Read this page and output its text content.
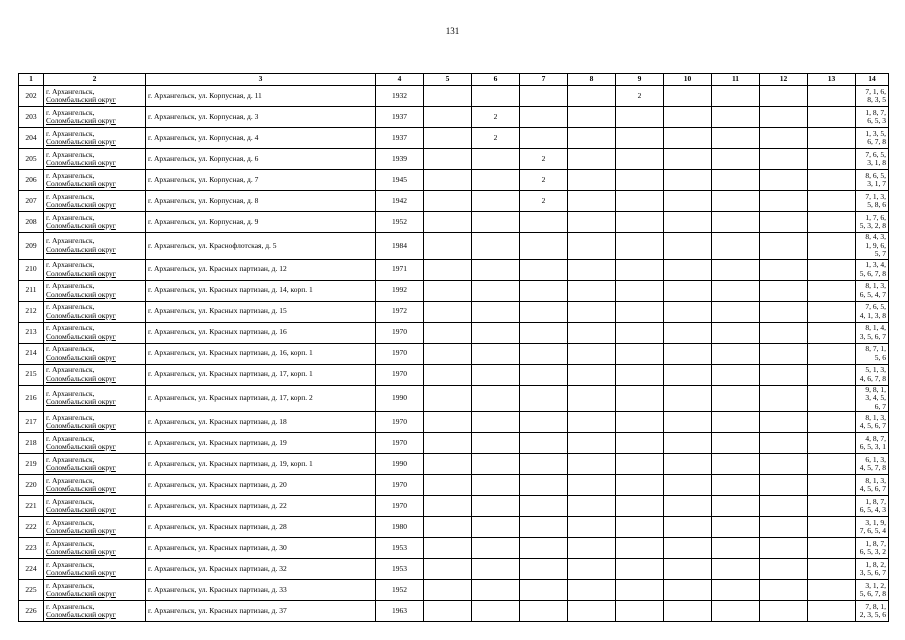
131
1	2	3	4	5	6	7	8	9	10	11	12	13	14
202	г. Архангельск,
Соломбальский округ	г. Архангельск, ул. Корпусная, д. 11	1932					2					7, 1, 6, 8, 3, 5
203	г. Архангельск,
Соломбальский округ	г. Архангельск, ул. Корпусная, д. 3	1937		2								1, 8, 7, 6, 5, 3
204	г. Архангельск,
Соломбальский округ	г. Архангельск, ул. Корпусная, д. 4	1937		2								1, 3, 5, 6, 7, 8
205	г. Архангельск,
Соломбальский округ	г. Архангельск, ул. Корпусная, д. 6	1939			2							7, 6, 5, 3, 1, 8
206	г. Архангельск,
Соломбальский округ	г. Архангельск, ул. Корпусная, д. 7	1945			2							8, 6, 5, 3, 1, 7
207	г. Архангельск,
Соломбальский округ	г. Архангельск, ул. Корпусная, д. 8	1942			2							7, 1, 3, 5, 8, 6
208	г. Архангельск,
Соломбальский округ	г. Архангельск, ул. Корпусная, д. 9	1952										1, 7, 6, 5, 3, 2, 8
209	г. Архангельск,
Соломбальский округ	г. Архангельск, ул. Краснофлотская, д. 5	1984										8, 4, 3, 1, 9, 6, 5, 7
210	г. Архангельск,
Соломбальский округ	г. Архангельск, ул. Красных партизан, д. 12	1971										1, 3, 4, 5, 6, 7, 8
211	г. Архангельск,
Соломбальский округ	г. Архангельск, ул. Красных партизан, д. 14, корп. 1	1992										8, 1, 3, 6, 5, 4, 7
212	г. Архангельск,
Соломбальский округ	г. Архангельск, ул. Красных партизан, д. 15	1972										7, 6, 5, 4, 1, 3, 8
213	г. Архангельск,
Соломбальский округ	г. Архангельск, ул. Красных партизан, д. 16	1970										8, 1, 4, 3, 5, 6, 7
214	г. Архангельск,
Соломбальский округ	г. Архангельск, ул. Красных партизан, д. 16, корп. 1	1970										8, 7, 1, 5, 6
215	г. Архангельск,
Соломбальский округ	г. Архангельск, ул. Красных партизан, д. 17, корп. 1	1970										5, 1, 3, 4, 6, 7, 8
216	г. Архангельск,
Соломбальский округ	г. Архангельск, ул. Красных партизан, д. 17, корп. 2	1990										9, 8, 1, 3, 4, 5, 6, 7
217	г. Архангельск,
Соломбальский округ	г. Архангельск, ул. Красных партизан, д. 18	1970										8, 1, 3, 4, 5, 6, 7
218	г. Архангельск,
Соломбальский округ	г. Архангельск, ул. Красных партизан, д. 19	1970										4, 8, 7, 6, 5, 3, 1
219	г. Архангельск,
Соломбальский округ	г. Архангельск, ул. Красных партизан, д. 19, корп. 1	1990										6, 1, 3, 4, 5, 7, 8
220	г. Архангельск,
Соломбальский округ	г. Архангельск, ул. Красных партизан, д. 20	1970										8, 1, 3, 4, 5, 6, 7
221	г. Архангельск,
Соломбальский округ	г. Архангельск, ул. Красных партизан, д. 22	1970										1, 8, 7, 6, 5, 4, 3
222	г. Архангельск,
Соломбальский округ	г. Архангельск, ул. Красных партизан, д. 28	1980										3, 1, 9, 7, 6, 5, 4
223	г. Архангельск,
Соломбальский округ	г. Архангельск, ул. Красных партизан, д. 30	1953										1, 8, 7, 6, 5, 3, 2
224	г. Архангельск,
Соломбальский округ	г. Архангельск, ул. Красных партизан, д. 32	1953										1, 8, 2, 3, 5, 6, 7
225	г. Архангельск,
Соломбальский округ	г. Архангельск, ул. Красных партизан, д. 33	1952										3, 1, 2, 5, 6, 7, 8
226	г. Архангельск,
Соломбальский округ	г. Архангельск, ул. Красных партизан, д. 37	1963										7, 8, 1, 2, 3, 5, 6
